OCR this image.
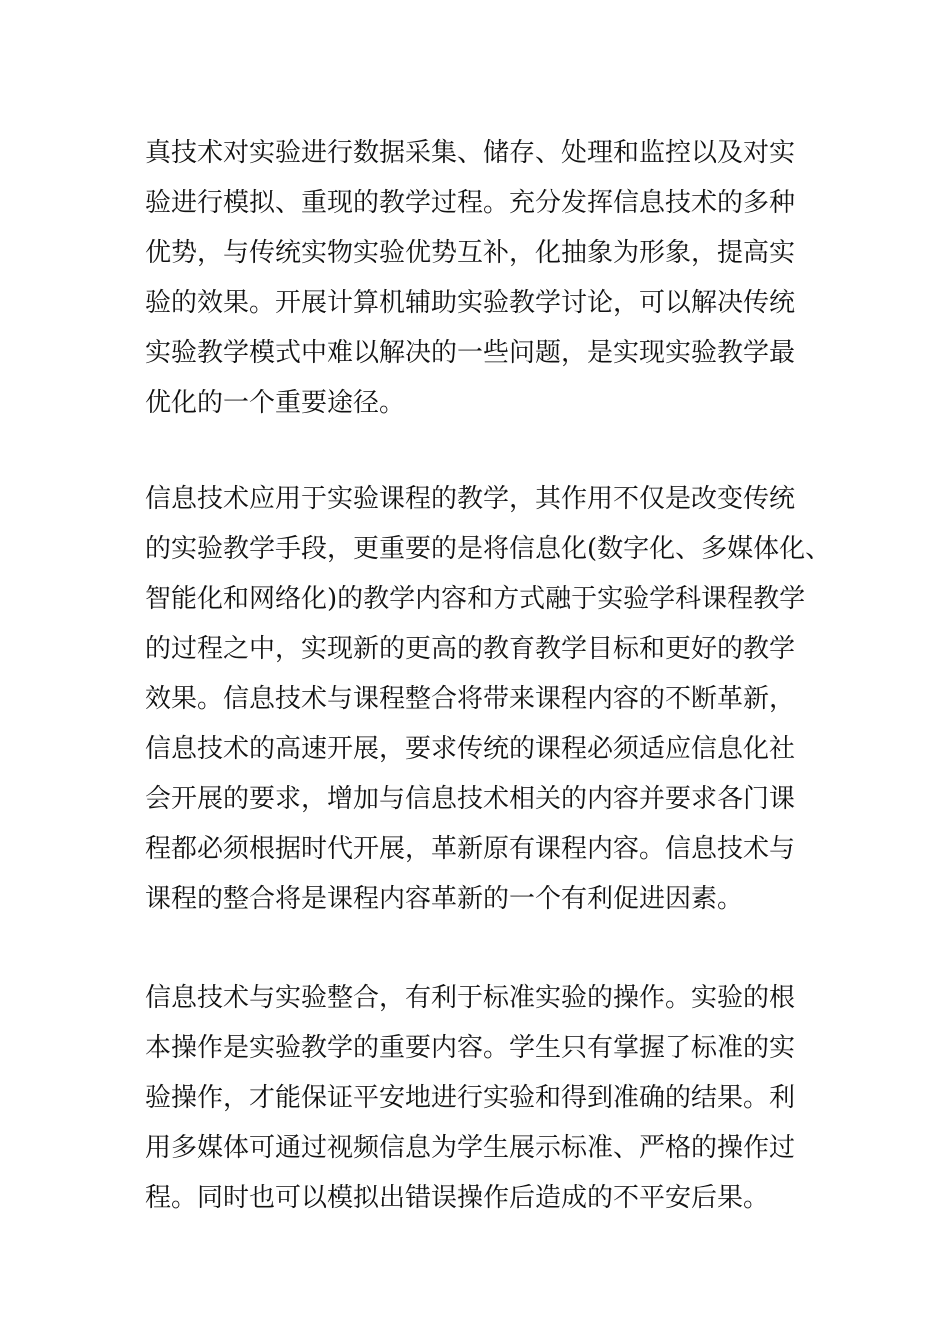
真技术对实验进行数据采集、储存、处理和监控以及对实
验进行模拟、重现的教学过程。充分发挥信息技术的多种
优势，与传统实物实验优势互补，化抽象为形象，提高实
验的效果。开展计算机辅助实验教学讨论，可以解决传统
实验教学模式中难以解决的一些问题，是实现实验教学最
优化的一个重要途径。

信息技术应用于实验课程的教学，其作用不仅是改变传统
的实验教学手段，更重要的是将信息化(数字化、多媒体化、
智能化和网络化)的教学内容和方式融于实验学科课程教学
的过程之中，实现新的更高的教育教学目标和更好的教学
效果。信息技术与课程整合将带来课程内容的不断革新，
信息技术的高速开展，要求传统的课程必须适应信息化社
会开展的要求，增加与信息技术相关的内容并要求各门课
程都必须根据时代开展，革新原有课程内容。信息技术与
课程的整合将是课程内容革新的一个有利促进因素。

信息技术与实验整合，有利于标准实验的操作。实验的根
本操作是实验教学的重要内容。学生只有掌握了标准的实
验操作，才能保证平安地进行实验和得到准确的结果。利
用多媒体可通过视频信息为学生展示标准、严格的操作过
程。同时也可以模拟出错误操作后造成的不平安后果。
